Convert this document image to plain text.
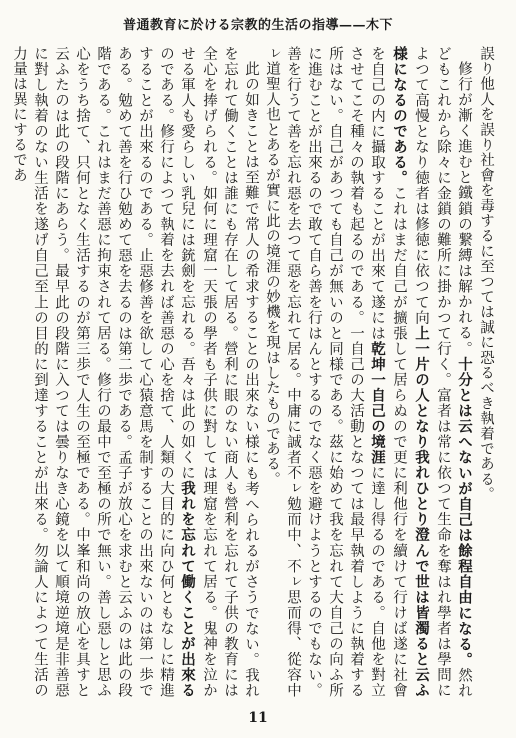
普通教育に於ける宗教的生活の指導——木下

誤り他人を誤り社會を毒するに至つては誠に恐るべき執着である。

修行が漸く進むと鐵鎖の繋縛は解かれる。十分とは云へないが自己は餘程自由になる。然れどもこれから除々に金鎖の難所に掛かつて行く。富者は常に依つて生命を奪はれ學者は學問によつて高慢となり徳者は修徳に依つて向上一片の人となり我れひとり澄んで世は皆濁ると云ふ様になるのである。これはまだ自己が擴張して居らぬので更に利他行を續けて行けば遂に社會を自己の内に攝取することが出來て遂には乾坤一自己の境涯に達し得るのである。自他を對立させてこそ種々の執着も起るのである。一自己の大活動となつては最早執着しように執着する所はない。自己があつても自己が無いのと同様である。茲に始めて我を忘れて大自己の向ふ所に進むことが出來るので敢て自ら善を行はんとするのでなく惡を避けようとするのでもない。善を行うて善を忘れ惡を去つて惡を忘れて居る。中庸に誠者不ㇾ勉而中、不ㇾ思而得、從容中ㇾ道聖人也とあるが實に此の境涯の妙機を現はしたものである。

此の如きことは至難で常人の希求することの出來ない様にも考へられるがさうでない。我れを忘れて働くことは誰にも存在して居る。營利に眼のない商人も營利を忘れて子供の教育には全心を捧げられる。如何に理窟一天張の學者も子供に對しては理窟を忘れて居る。鬼神を泣かせる軍人も愛らしい乳兒には銃劍を忘れる。吾々は此の如くに我れを忘れて働くことが出來るのである。修行によつて執着を去れば善惡の心を捨て、人類の大目的に向ひ何ともなしに精進することが出來るのである。止惡修善を欲して心猿意馬を制することの出來ないのは第一歩である。勉めて善を行ひ勉めて惡を去るのは第二歩である。孟子が放心を求むと云ふのは此の段階である。これはまだ善惡に拘束されて居る。修行の最中で至極の所で無い。善し惡しと思ふ心をうち捨て、只何となく生活するのが第三歩で人生の至極である。中峯和尚の放心を具すと云ふたのは此の段階にあらう。最早此の段階に入つては曇りなき心鏡を以て順境逆境是非善惡に對し執着のない生活を遂げ自己至上の目的に到達することが出來る。勿論人によつて生活の力量は異にするであ

11
